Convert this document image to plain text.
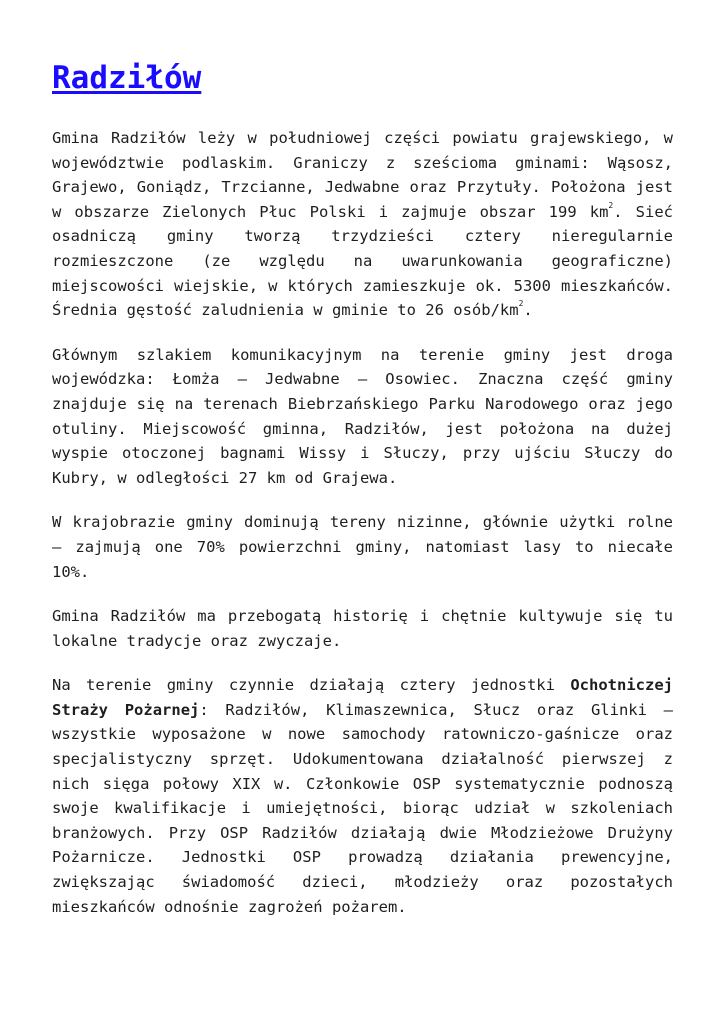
Radziłów

Gmina Radziłów leży w południowej części powiatu grajewskiego, w województwie podlaskim. Graniczy z sześcioma gminami: Wąsosz, Grajewo, Goniądz, Trzcianne, Jedwabne oraz Przytuły. Położona jest w obszarze Zielonych Płuc Polski i zajmuje obszar 199 $km^2$. Sieć osadniczą gminy tworzą trzydzieści cztery nieregularnie rozmieszczone (ze względu na uwarunkowania geograficzne) miejscowości wiejskie, w których zamieszkuje ok. 5300 mieszkańców. Średnia gęstość zaludnienia w gminie to 26 osób/$km^2$.

Głównym szlakiem komunikacyjnym na terenie gminy jest droga wojewódzka: Łomża – Jedwabne – Osowiec. Znaczna część gminy znajduje się na terenach Biebrzańskiego Parku Narodowego oraz jego otuliny. Miejscowość gminna, Radziłów, jest położona na dużej wyspie otoczonej bagnami Wissy i Słuczy, przy ujściu Słuczy do Kubry, w odległości 27 km od Grajewa.

W krajobrazie gminy dominują tereny nizinne, głównie użytki rolne – zajmują one 70% powierzchni gminy, natomiast lasy to niecałe 10%.

Gmina Radziłów ma przebogatą historię i chętnie kultywuje się tu lokalne tradycje oraz zwyczaje.

Na terenie gminy czynnie działają cztery jednostki Ochotniczej Straży Pożarnej: Radziłów, Klimaszewnica, Słucz oraz Glinki – wszystkie wyposażone w nowe samochody ratowniczo-gaśnicze oraz specjalistyczny sprzęt. Udokumentowana działalność pierwszej z nich sięga połowy XIX w. Członkowie OSP systematycznie podnoszą swoje kwalifikacje i umiejętności, biorąc udział w szkoleniach branżowych. Przy OSP Radziłów działają dwie Młodzieżowe Drużyny Pożarnicze. Jednostki OSP prowadzą działania prewencyjne, zwiększając świadomość dzieci, młodzieży oraz pozostałych mieszkańców odnośnie zagrożeń pożarem.
